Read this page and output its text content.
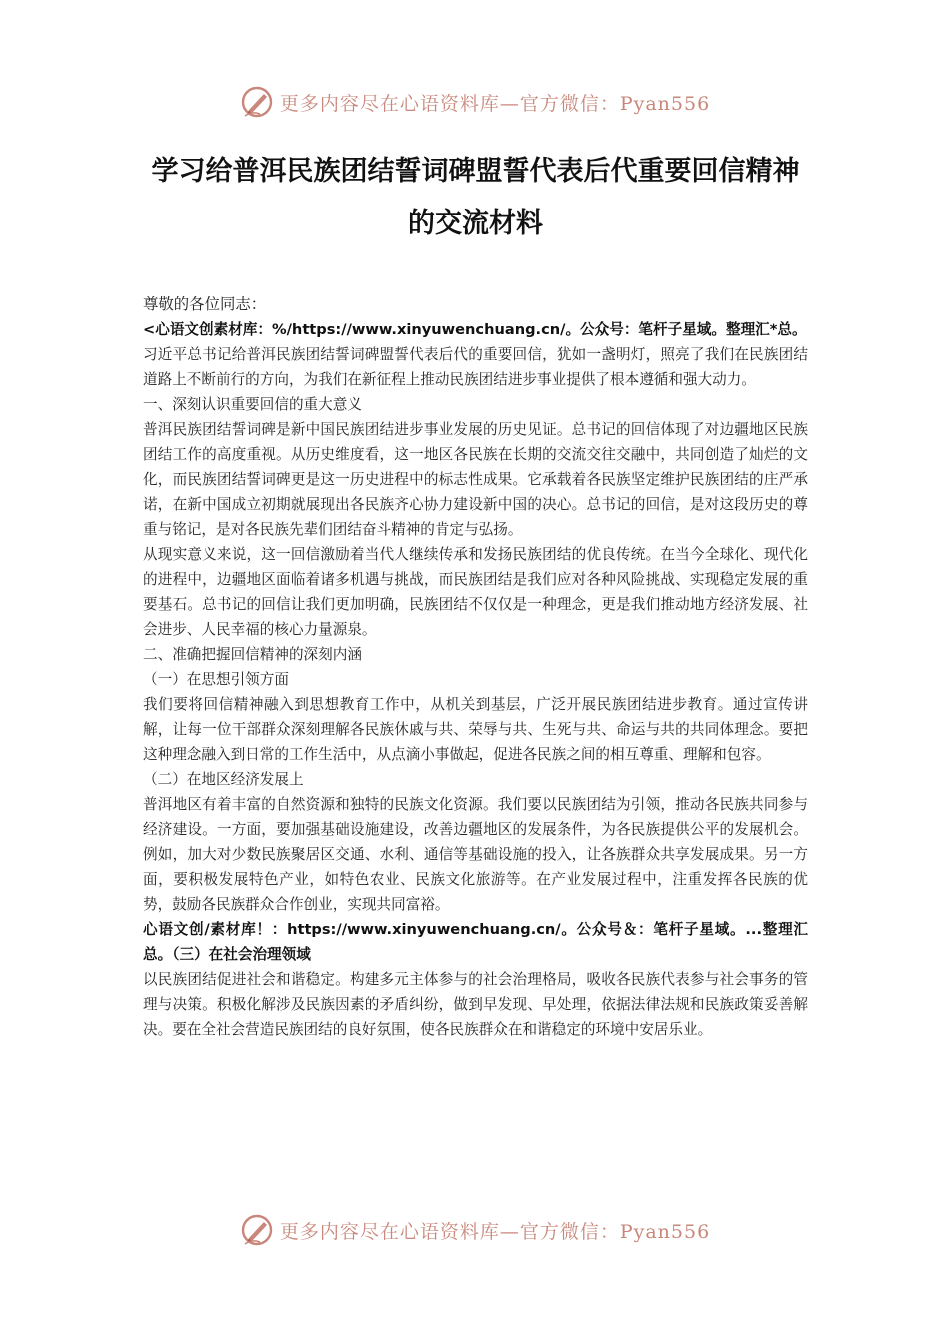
更多内容尽在心语资料库—官方微信：Pyan556
学习给普洱民族团结誓词碑盟誓代表后代重要回信精神的交流材料

尊敬的各位同志：

<心语文创素材库：%/https://www.xinyuwenchuang.cn/。公众号：笔杆子星域。整理汇*总。

习近平总书记给普洱民族团结誓词碑盟誓代表后代的重要回信，犹如一盏明灯，照亮了我们在民族团结道路上不断前行的方向，为我们在新征程上推动民族团结进步事业提供了根本遵循和强大动力。

一、深刻认识重要回信的重大意义

普洱民族团结誓词碑是新中国民族团结进步事业发展的历史见证。总书记的回信体现了对边疆地区民族团结工作的高度重视。从历史维度看，这一地区各民族在长期的交流交往交融中，共同创造了灿烂的文化，而民族团结誓词碑更是这一历史进程中的标志性成果。它承载着各民族坚定维护民族团结的庄严承诺，在新中国成立初期就展现出各民族齐心协力建设新中国的决心。总书记的回信，是对这段历史的尊重与铭记，是对各民族先辈们团结奋斗精神的肯定与弘扬。

从现实意义来说，这一回信激励着当代人继续传承和发扬民族团结的优良传统。在当今全球化、现代化的进程中，边疆地区面临着诸多机遇与挑战，而民族团结是我们应对各种风险挑战、实现稳定发展的重要基石。总书记的回信让我们更加明确，民族团结不仅仅是一种理念，更是我们推动地方经济发展、社会进步、人民幸福的核心力量源泉。

二、准确把握回信精神的深刻内涵

（一）在思想引领方面

我们要将回信精神融入到思想教育工作中，从机关到基层，广泛开展民族团结进步教育。通过宣传讲解，让每一位干部群众深刻理解各民族休戚与共、荣辱与共、生死与共、命运与共的共同体理念。要把这种理念融入到日常的工作生活中，从点滴小事做起，促进各民族之间的相互尊重、理解和包容。

（二）在地区经济发展上

普洱地区有着丰富的自然资源和独特的民族文化资源。我们要以民族团结为引领，推动各民族共同参与经济建设。一方面，要加强基础设施建设，改善边疆地区的发展条件，为各民族提供公平的发展机会。例如，加大对少数民族聚居区交通、水利、通信等基础设施的投入，让各族群众共享发展成果。另一方面，要积极发展特色产业，如特色农业、民族文化旅游等。在产业发展过程中，注重发挥各民族的优势，鼓励各民族群众合作创业，实现共同富裕。

心语文创/素材库！：https://www.xinyuwenchuang.cn/。公众号＆：笔杆子星域。...整理汇总。（三）在社会治理领域

以民族团结促进社会和谐稳定。构建多元主体参与的社会治理格局，吸收各民族代表参与社会事务的管理与决策。积极化解涉及民族因素的矛盾纠纷，做到早发现、早处理，依据法律法规和民族政策妥善解决。要在全社会营造民族团结的良好氛围，使各民族群众在和谐稳定的环境中安居乐业。

更多内容尽在心语资料库—官方微信：Pyan556
